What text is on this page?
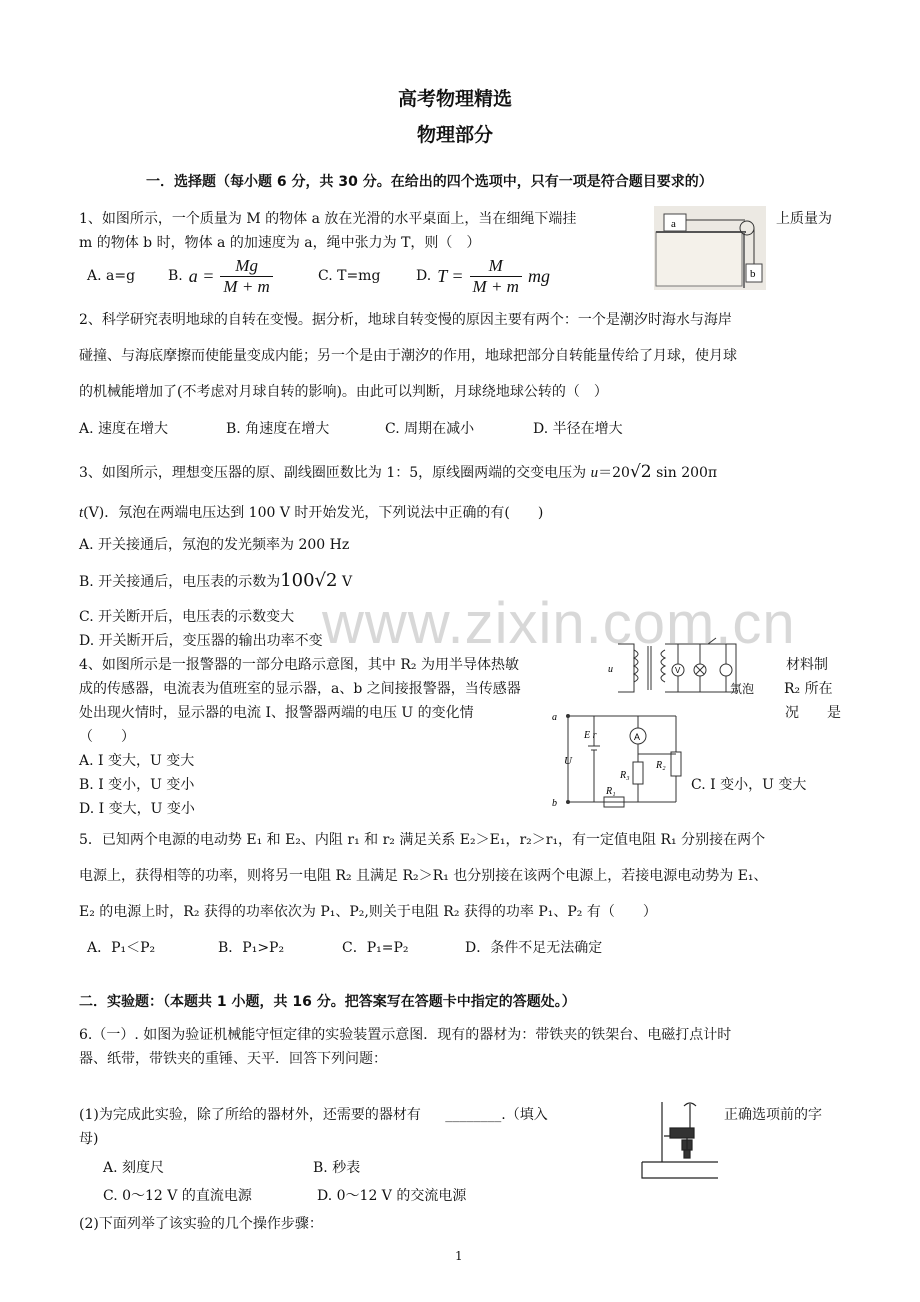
www.zixin.com.cn
高考物理精选
物理部分
一．选择题（每小题 6 分，共 30 分。在给出的四个选项中，只有一项是符合题目要求的）
1、如图所示，一个质量为 M 的物体 a 放在光滑的水平桌面上，当在细绳下端挂	上质量为
m 的物体 b 时，物体 a 的加速度为 a，绳中张力为 T，则（　）
A. a=g B. $a = \frac{Mg}{M + m}$	C. T=mg	D. $T = \frac{M}{M + m}$ mg
a
b
2、科学研究表明地球的自转在变慢。据分析，地球自转变慢的原因主要有两个：一个是潮汐时海水与海岸
碰撞、与海底摩擦而使能量变成内能；另一个是由于潮汐的作用，地球把部分自转能量传给了月球，使月球
的机械能增加了(不考虑对月球自转的影响)。由此可以判断，月球绕地球公转的（　）
A. 速度在增大	B. 角速度在增大	C. 周期在减小	D. 半径在增大
3、如图所示，理想变压器的原、副线圈匝数比为 1：5，原线圈两端的交变电压为 u＝20√2 sin 200π
t(V)．氖泡在两端电压达到 100 V 时开始发光，下列说法中正确的有(　　)
A. 开关接通后，氖泡的发光频率为 200 Hz
B. 开关接通后，电压表的示数为100√2 V
C. 开关断开后，电压表的示数变大
D. 开关断开后，变压器的输出功率不变
u	V
氖泡
4、如图所示是一报警器的一部分电路示意图，其中 R₂ 为用半导体热敏	材料制
成的传感器，电流表为值班室的显示器，a、b 之间接报警器，当传感器	R₂ 所在
处出现火情时，显示器的电流 I、报警器两端的电压 U 的变化情	况　　是
（　　）
A. I 变大，U 变大
B. I 变小，U 变小	C. I 变小，U 变大
D. I 变大，U 变小
a
b
U
E r	A
R₃
R₂
R₁
5．已知两个电源的电动势 E₁ 和 E₂、内阻 r₁ 和 r₂ 满足关系 E₂＞E₁，r₂＞r₁，有一定值电阻 R₁ 分别接在两个
电源上，获得相等的功率，则将另一电阻 R₂ 且满足 R₂＞R₁ 也分别接在该两个电源上，若接电源电动势为 E₁、
E₂ 的电源上时，R₂ 获得的功率依次为 P₁、P₂,则关于电阻 R₂ 获得的功率 P₁、P₂ 有（　　）
A．P₁＜P₂	B．P₁>P₂	C．P₁=P₂	D．条件不足无法确定
二．实验题：（本题共 1 小题，共 16 分。把答案写在答题卡中指定的答题处。）
6.（一）. 如图为验证机械能守恒定律的实验装置示意图．现有的器材为：带铁夹的铁架台、电磁打点计时
器、纸带，带铁夹的重锤、天平．回答下列问题：
(1)为完成此实验，除了所给的器材外，还需要的器材有 ________.（填入	正确选项前的字
母)
A. 刻度尺	B. 秒表
C. 0～12 V 的直流电源	D. 0～12 V 的交流电源
(2)下面列举了该实验的几个操作步骤：
1
